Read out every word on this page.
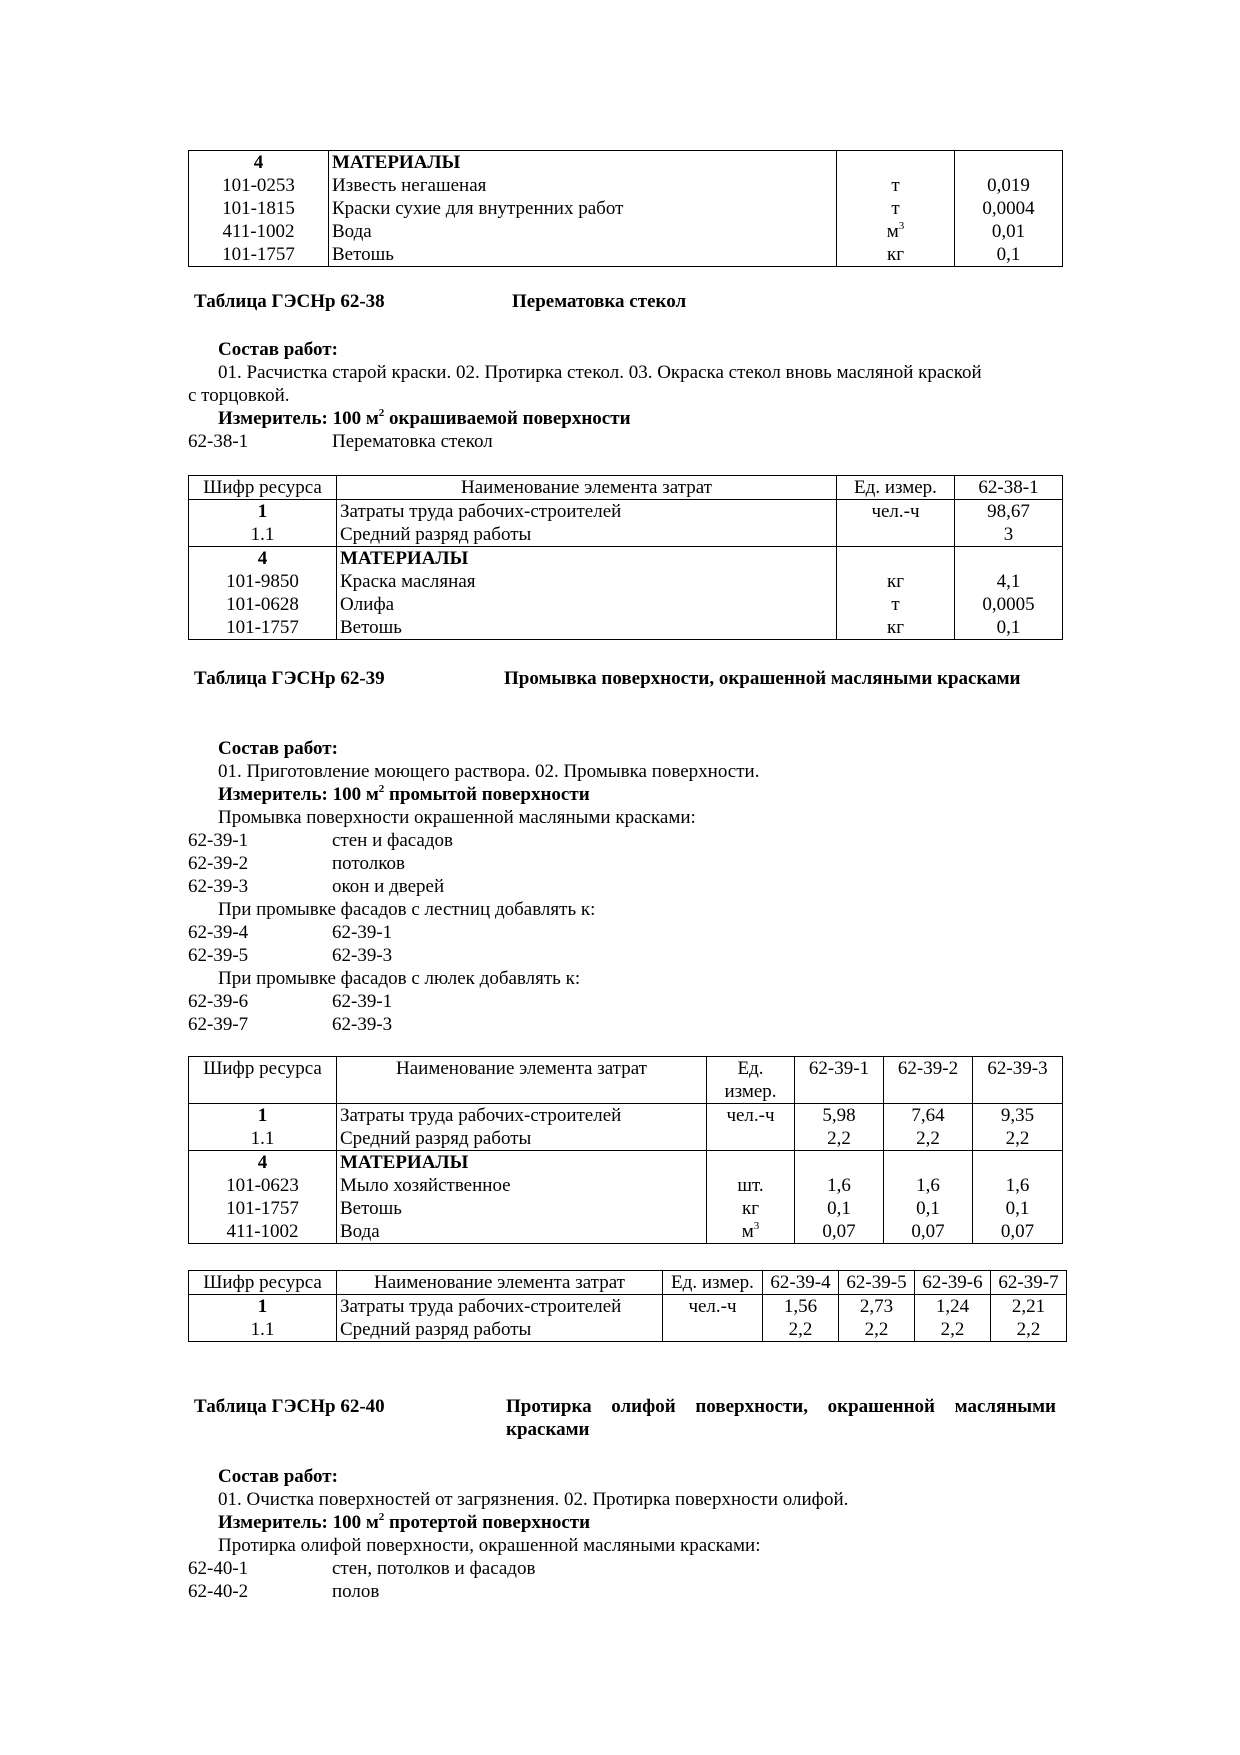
4	МАТЕРИАЛЫ		
101-0253	Известь негашеная	т	0,019
101-1815	Краски сухие для внутренних работ	т	0,0004
411-1002	Вода	$м^3$	0,01
101-1757	Ветошь	кг	0,1
Таблица ГЭСНр 62-38	Перематовка стекол
Состав работ:
01. Расчистка старой краски. 02. Протирка стекол. 03. Окраска стекол вновь масляной краской
с торцовкой.
Измеритель: 100 $м^2$ окрашиваемой поверхности
62-38-1	Перематовка стекол
Шифр ресурса	Наименование элемента затрат	Ед. измер.	62-38-1
1	Затраты труда рабочих-строителей	чел.-ч	98,67
1.1	Средний разряд работы		3
4	МАТЕРИАЛЫ		
101-9850	Краска масляная	кг	4,1
101-0628	Олифа	т	0,0005
101-1757	Ветошь	кг	0,1
Таблица ГЭСНр 62-39	Промывка поверхности, окрашенной масляными красками
Состав работ:
01. Приготовление моющего раствора. 02. Промывка поверхности.
Измеритель: 100 $м^2$ промытой поверхности
Промывка поверхности окрашенной масляными красками:
62-39-1	стен и фасадов
62-39-2	потолков
62-39-3	окон и дверей
При промывке фасадов с лестниц добавлять к:
62-39-4	62-39-1
62-39-5	62-39-3
При промывке фасадов с люлек добавлять к:
62-39-6	62-39-1
62-39-7	62-39-3
Шифр ресурса	Наименование элемента затрат	Ед. измер.	62-39-1	62-39-2	62-39-3
1	Затраты труда рабочих-строителей	чел.-ч	5,98	7,64	9,35
1.1	Средний разряд работы		2,2	2,2	2,2
4	МАТЕРИАЛЫ				
101-0623	Мыло хозяйственное	шт.	1,6	1,6	1,6
101-1757	Ветошь	кг	0,1	0,1	0,1
411-1002	Вода	$м^3$	0,07	0,07	0,07
Шифр ресурса	Наименование элемента затрат	Ед. измер.	62-39-4	62-39-5	62-39-6	62-39-7
1	Затраты труда рабочих-строителей	чел.-ч	1,56	2,73	1,24	2,21
1.1	Средний разряд работы		2,2	2,2	2,2	2,2
Таблица ГЭСНр 62-40	Протирка олифой поверхности, окрашенной масляными красками
Состав работ:
01. Очистка поверхностей от загрязнения. 02. Протирка поверхности олифой.
Измеритель: 100 $м^2$ протертой поверхности
Протирка олифой поверхности, окрашенной масляными красками:
62-40-1	стен, потолков и фасадов
62-40-2	полов
